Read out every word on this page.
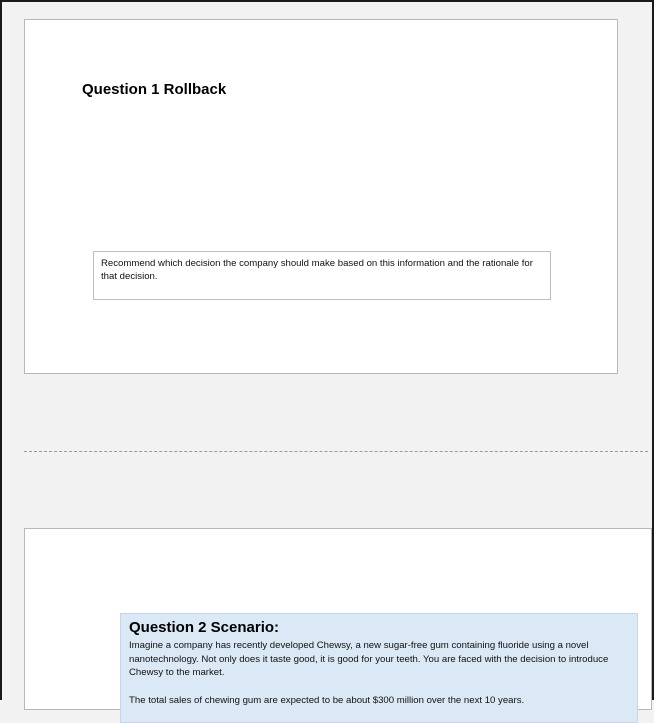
Question 1 Rollback
Recommend which decision the company should make based on this information and the rationale for that decision.

Question 2 Scenario:

Imagine a company has recently developed Chewsy, a new sugar-free gum containing fluoride using a novel nanotechnology. Not only does it taste good, it is good for your teeth. You are faced with the decision to introduce Chewsy to the market.

The total sales of chewing gum are expected to be about $300 million over the next 10 years.
